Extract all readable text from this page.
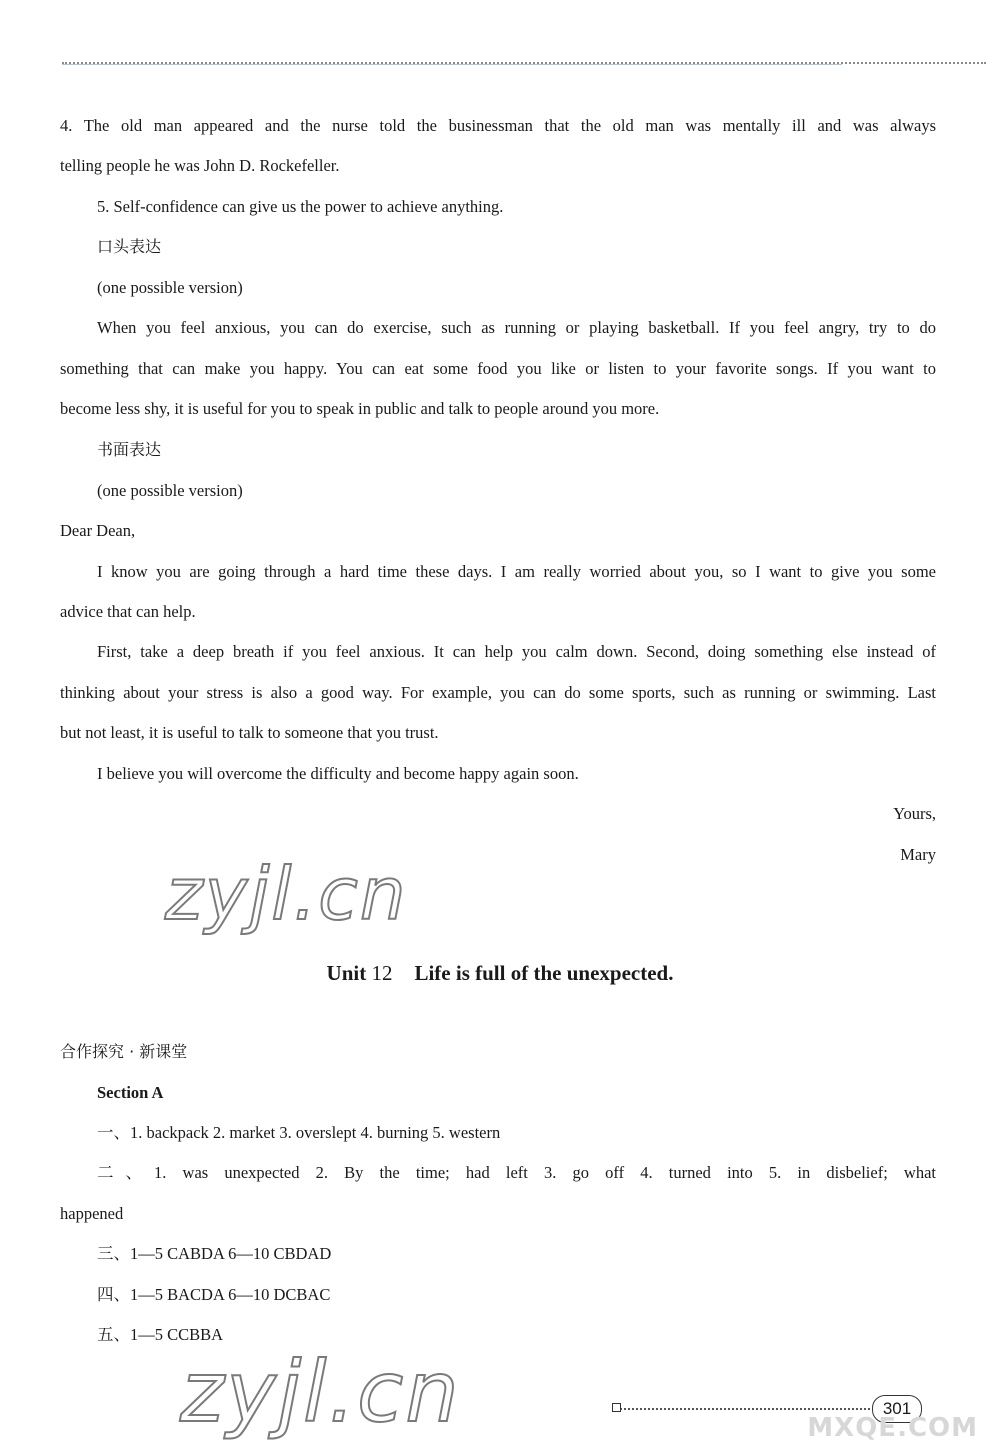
4. The old man appeared and the nurse told the businessman that the old man was mentally ill and was always
telling people he was John D. Rockefeller.
5. Self-confidence can give us the power to achieve anything.
口头表达
(one possible version)
When you feel anxious, you can do exercise, such as running or playing basketball. If you feel angry, try to do
something that can make you happy. You can eat some food you like or listen to your favorite songs. If you want to
become less shy, it is useful for you to speak in public and talk to people around you more.
书面表达
(one possible version)
Dear Dean,
I know you are going through a hard time these days. I am really worried about you, so I want to give you some
advice that can help.
First, take a deep breath if you feel anxious. It can help you calm down. Second, doing something else instead of
thinking about your stress is also a good way. For example, you can do some sports, such as running or swimming. Last
but not least, it is useful to talk to someone that you trust.
I believe you will overcome the difficulty and become happy again soon.
Yours,
Mary
zyjl.cn
Unit 12 Life is full of the unexpected.
合作探究 · 新课堂
Section A
一、1. backpack 2. market 3. overslept 4. burning 5. western
二、1. was unexpected 2. By the time; had left 3. go off 4. turned into 5. in disbelief; what
happened
三、1—5 CABDA 6—10 CBDAD
四、1—5 BACDA 6—10 DCBAC
五、1—5 CCBBA
zyjl.cn	301
MXQE.COM
